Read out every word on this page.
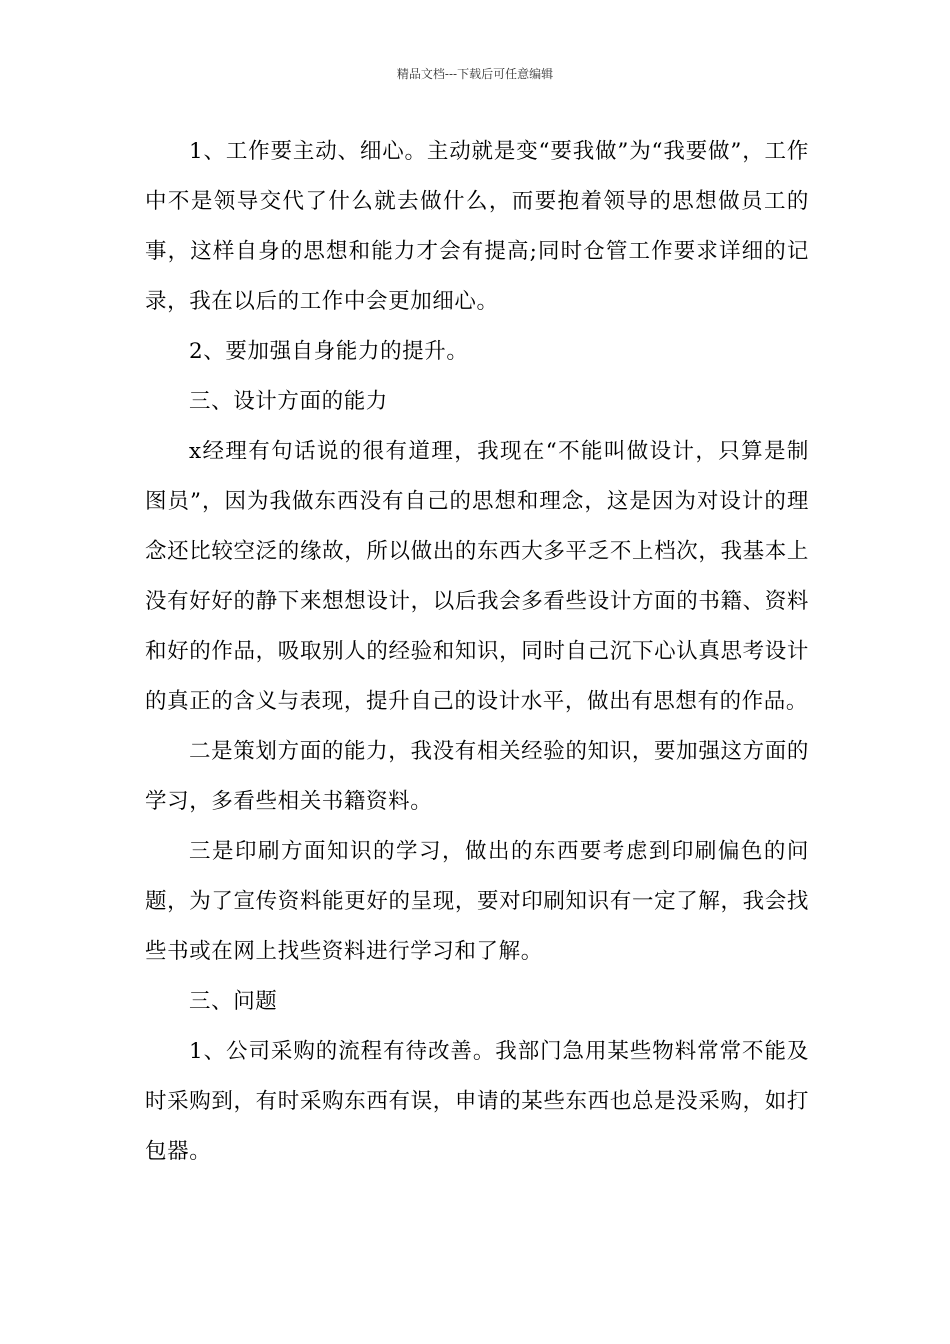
精品文档---下载后可任意编辑

1、工作要主动、细心。主动就是变“要我做”为“我要做”，工作中不是领导交代了什么就去做什么，而要抱着领导的思想做员工的事，这样自身的思想和能力才会有提高;同时仓管工作要求详细的记录，我在以后的工作中会更加细心。

2、要加强自身能力的提升。

三、设计方面的能力

x经理有句话说的很有道理，我现在“不能叫做设计，只算是制图员”，因为我做东西没有自己的思想和理念，这是因为对设计的理念还比较空泛的缘故，所以做出的东西大多平乏不上档次，我基本上没有好好的静下来想想设计，以后我会多看些设计方面的书籍、资料和好的作品，吸取别人的经验和知识，同时自己沉下心认真思考设计的真正的含义与表现，提升自己的设计水平，做出有思想有的作品。

二是策划方面的能力，我没有相关经验的知识，要加强这方面的学习，多看些相关书籍资料。

三是印刷方面知识的学习，做出的东西要考虑到印刷偏色的问题，为了宣传资料能更好的呈现，要对印刷知识有一定了解，我会找些书或在网上找些资料进行学习和了解。

三、问题

1、公司采购的流程有待改善。我部门急用某些物料常常不能及时采购到，有时采购东西有误，申请的某些东西也总是没采购，如打包器。
